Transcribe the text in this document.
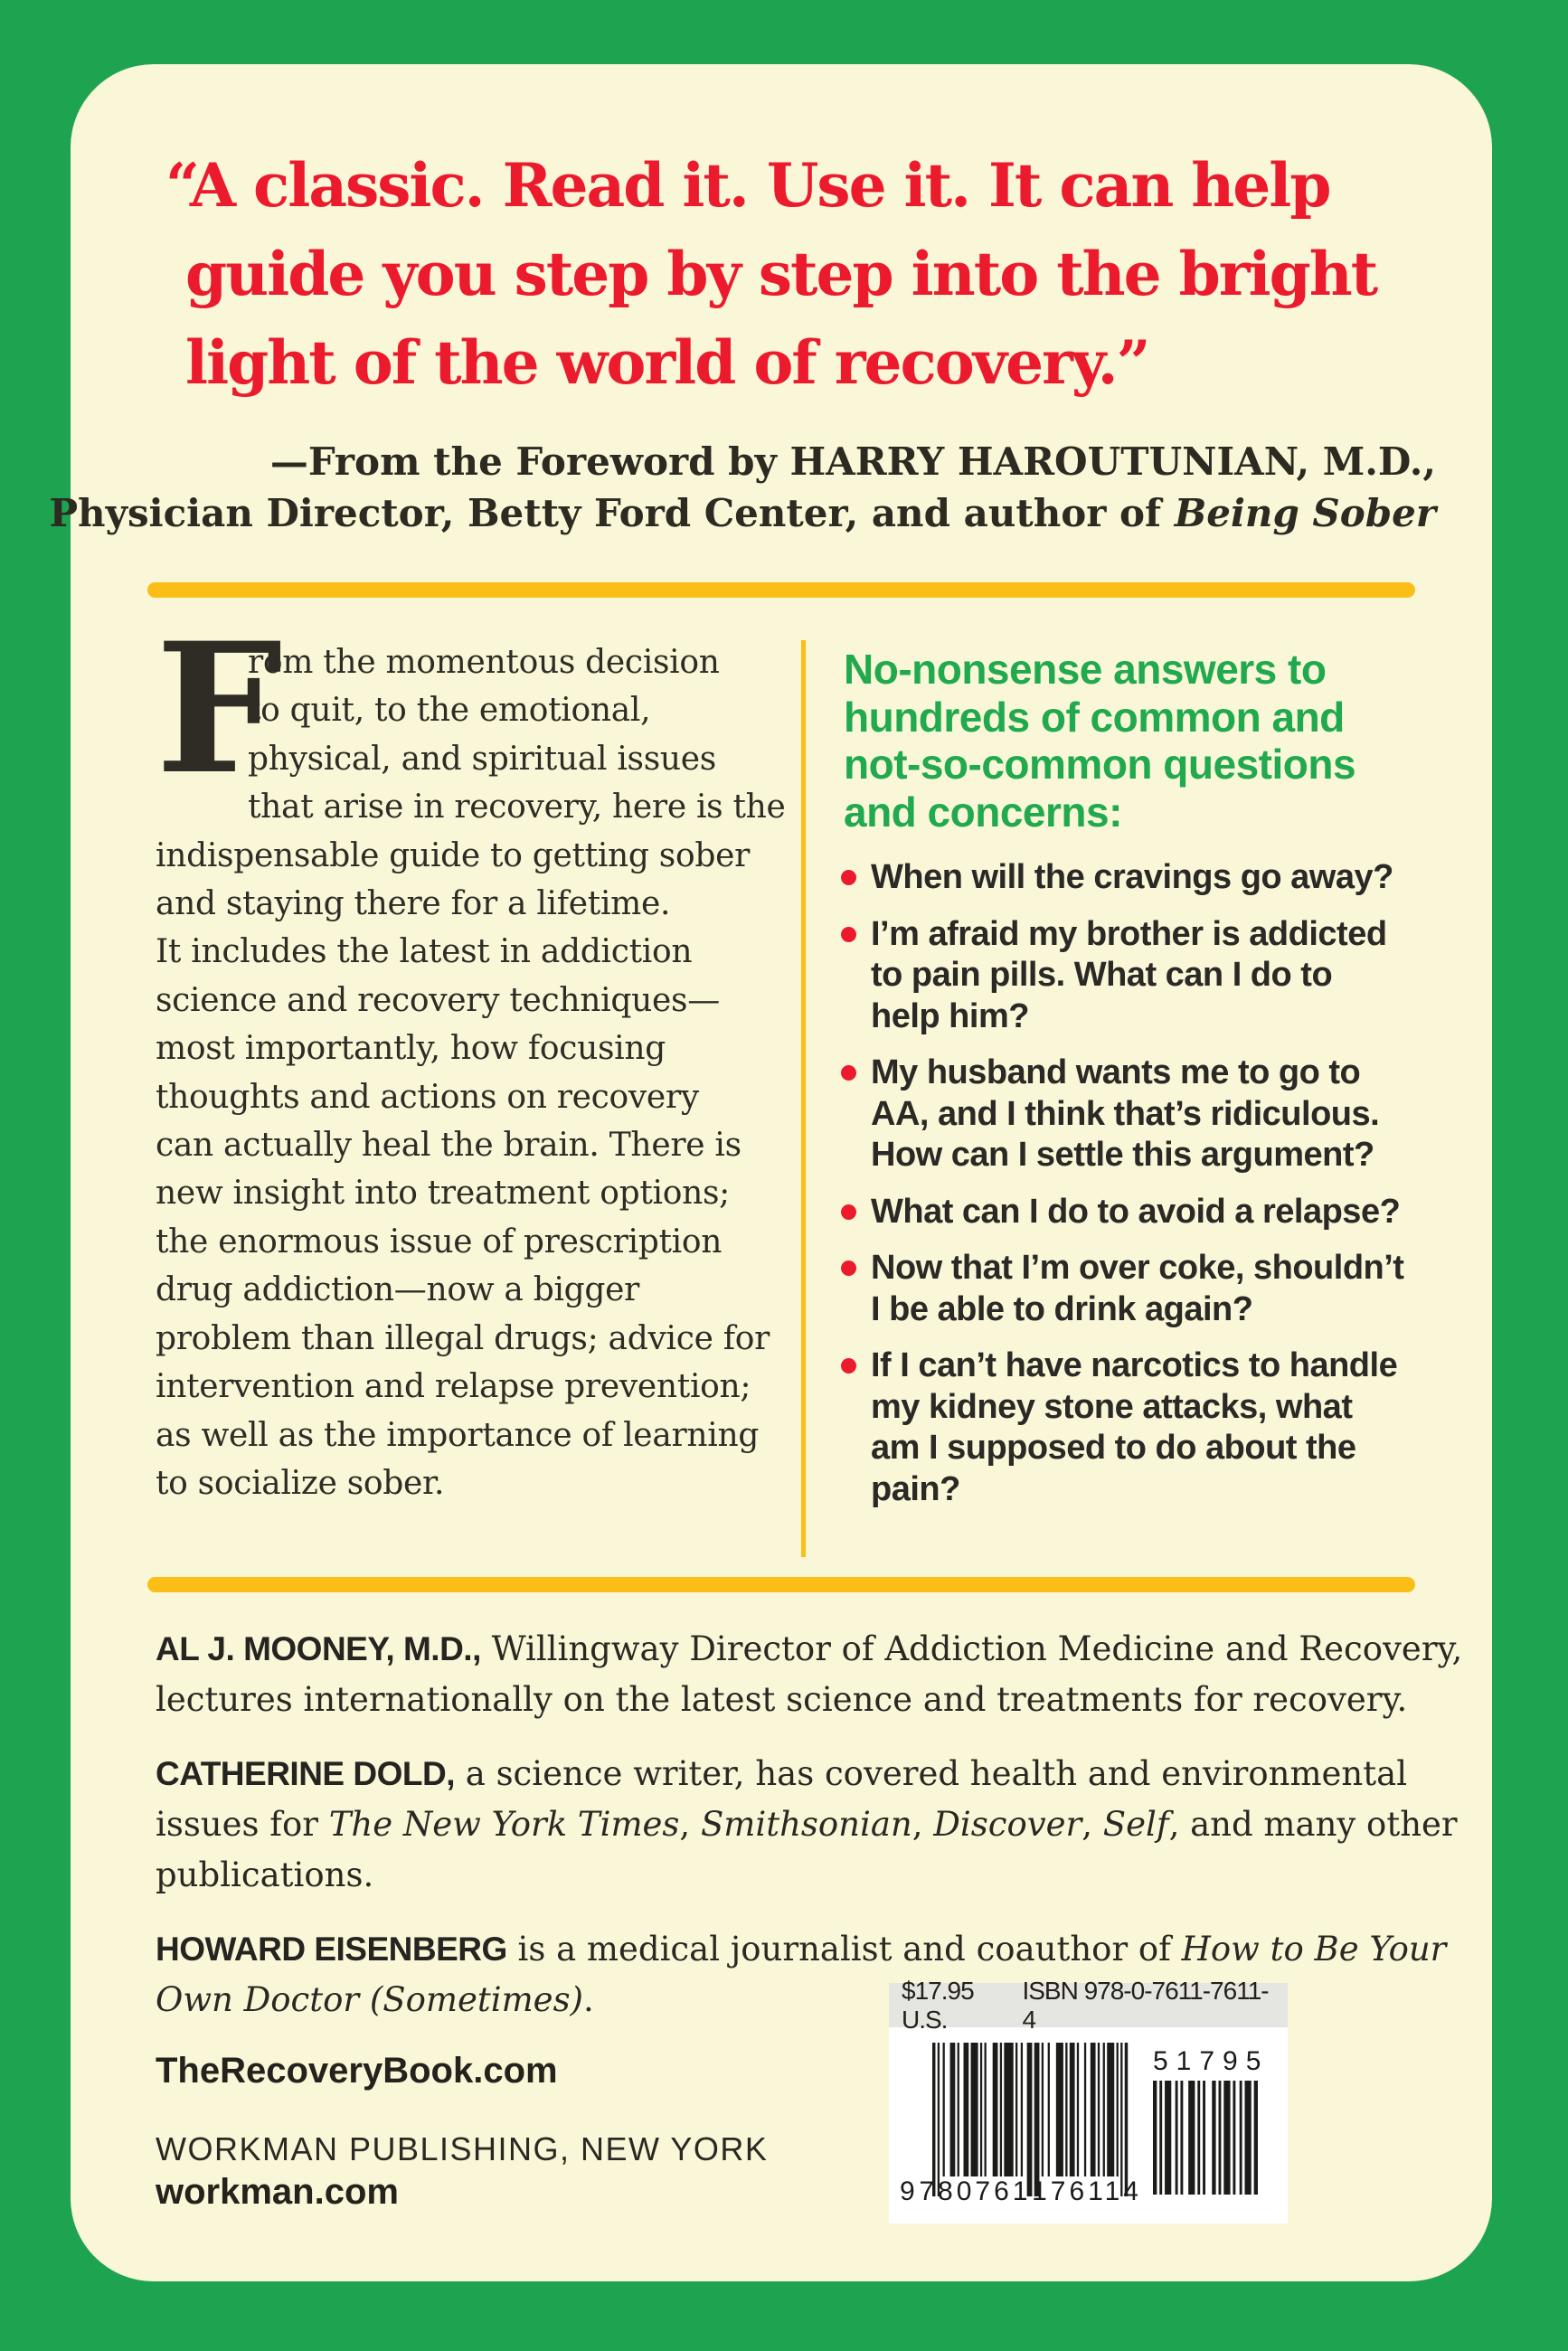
“A classic. Read it. Use it. It can help
guide you step by step into the bright
light of the world of recovery.”
—From the Foreword by HARRY HAROUTUNIAN, M.D.,
Physician Director, Betty Ford Center, and author of Being Sober
F
rom the momentous decision
to quit, to the emotional,
physical, and spiritual issues
that arise in recovery, here is the
indispensable guide to getting sober
and staying there for a lifetime.
It includes the latest in addiction
science and recovery techniques—
most importantly, how focusing
thoughts and actions on recovery
can actually heal the brain. There is
new insight into treatment options;
the enormous issue of prescription
drug addiction—now a bigger
problem than illegal drugs; advice for
intervention and relapse prevention;
as well as the importance of learning
to socialize sober.
No-nonsense answers to
hundreds of common and
not-so-common questions
and concerns:
When will the cravings go away?
I’m afraid my brother is addicted
to pain pills. What can I do to
help him?
My husband wants me to go to
AA, and I think that’s ridiculous.
How can I settle this argument?
What can I do to avoid a relapse?
Now that I’m over coke, shouldn’t
I be able to drink again?
If I can’t have narcotics to handle
my kidney stone attacks, what
am I supposed to do about the
pain?

AL J. MOONEY, M.D., Willingway Director of Addiction Medicine and Recovery, lectures internationally on the latest science and treatments for recovery.

CATHERINE DOLD, a science writer, has covered health and environmental issues for The New York Times, Smithsonian, Discover, Self, and many other publications.

HOWARD EISENBERG is a medical journalist and coauthor of How to Be Your Own Doctor (Sometimes).

TheRecoveryBook.com
WORKMAN PUBLISHING, NEW YORK
workman.com
$17.95 U.S.
ISBN 978-0-7611-7611-4
9 780761 176114
51795
